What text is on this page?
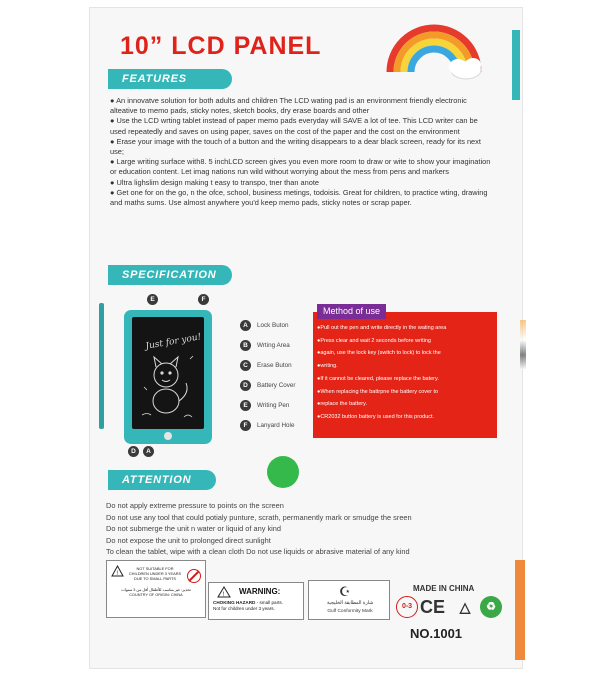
10” LCD PANEL
FEATURES

● An innovatve solution for both adults and children The LCD wating pad is an environment friendly electronic alteative to memo pads, sticky notes, sketch books, dry erase boards and other

● Use the LCD wrting tablet instead of paper memo pads everyday will SAVE a lot of tee. This LCD writer can be used repeatedly and saves on using paper, saves on the cost of the paper and the cost on the environment

● Erase your image with the touch of a button and the writing disappears to a dear black screen, ready for its next use;

● Large writing surface with8. 5 inchLCD screen gives you even more room to draw or wite to show your imagination or education content. Let imag nations run wild without worrying about the mess from pens and markers

● Ultra lighslim design making t easy to transpo, tner than anote

● Get one for on the go, n the ofce, school, business metings, todoisis. Great for children, to practice wting, drawing and maths sums. Use almost anywhere you'd keep memo pads, sticky notes or scrap paper.

SPECIFICATION
Just for you!
E	F
D	A
A	Lock Buton
B	Wrting Area
C	Erase Buton
D	Battery Cover
E	Writing Pen
F	Lanyard Hole
Method of use
● Pull out the pen and write directly in the wating area
● Press clear and wait 2 seconds before writing
● again, use the lock key (switch to lock) to lock the
● writing.
● If it cannot be cleared, please replace the batery.
● When replacing the battrpne the battery cover to
● replace the battery.
● CR2032 button battery is used for this product.
ATTENTION
Do not apply extreme pressure to points on the screen
Do not use any tool that could potialy punture, scrath, permanently mark or smudge the sreen
Do not submerge the unit n water or liquid of any kind
Do not expose the unit to prolonged direct sunlight
To clean the tablet, wipe with a clean cloth Do not use liquids or abrasive material of any kind
!
NOT SUITABLE FOR CHILDREN UNDER 3 YEARS DUE TO SMALL PARTS
تحذير: غير مناسب للأطفال أقل من 3 سنوات
COUNTRY OF ORIGIN: CHINA	! WARNING:
CHOKING HAZARD - small parts.
Not for children under 3 years.
☪
شارة المطابقة الخليجية
Gulf Conformity Mark
MADE IN CHINA
0-3 CE	△	♻
NO.1001
